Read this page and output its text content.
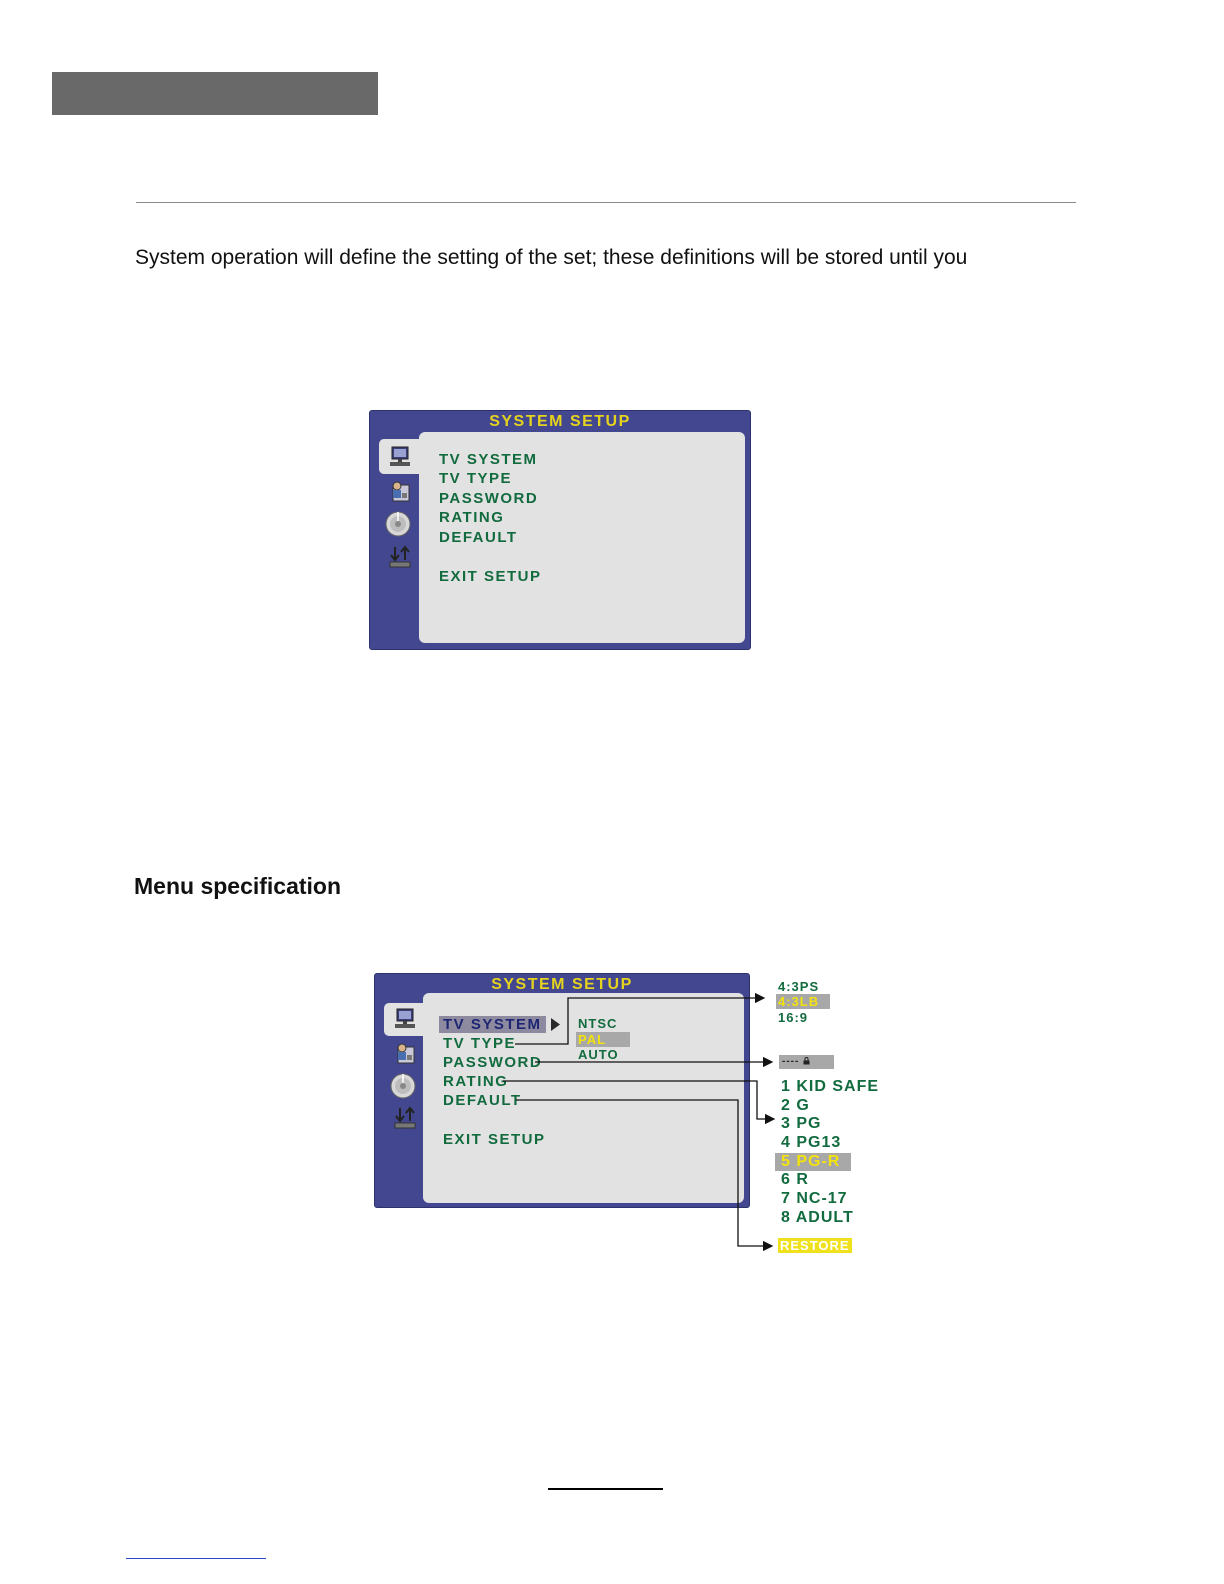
System operation will define the setting of the set; these definitions will be stored until you
SYSTEM SETUP
TV SYSTEM
TV TYPE
PASSWORD
RATING
DEFAULT
EXIT SETUP
Menu specification
SYSTEM SETUP
TV SYSTEM
TV TYPE
PASSWORD
RATING
DEFAULT
EXIT SETUP
NTSC
PAL
AUTO
4:3PS
4:3LB
16:9
----
1 KID SAFE
2 G
3 PG
4 PG13
5 PG-R
6 R
7 NC-17
8 ADULT
RESTORE
